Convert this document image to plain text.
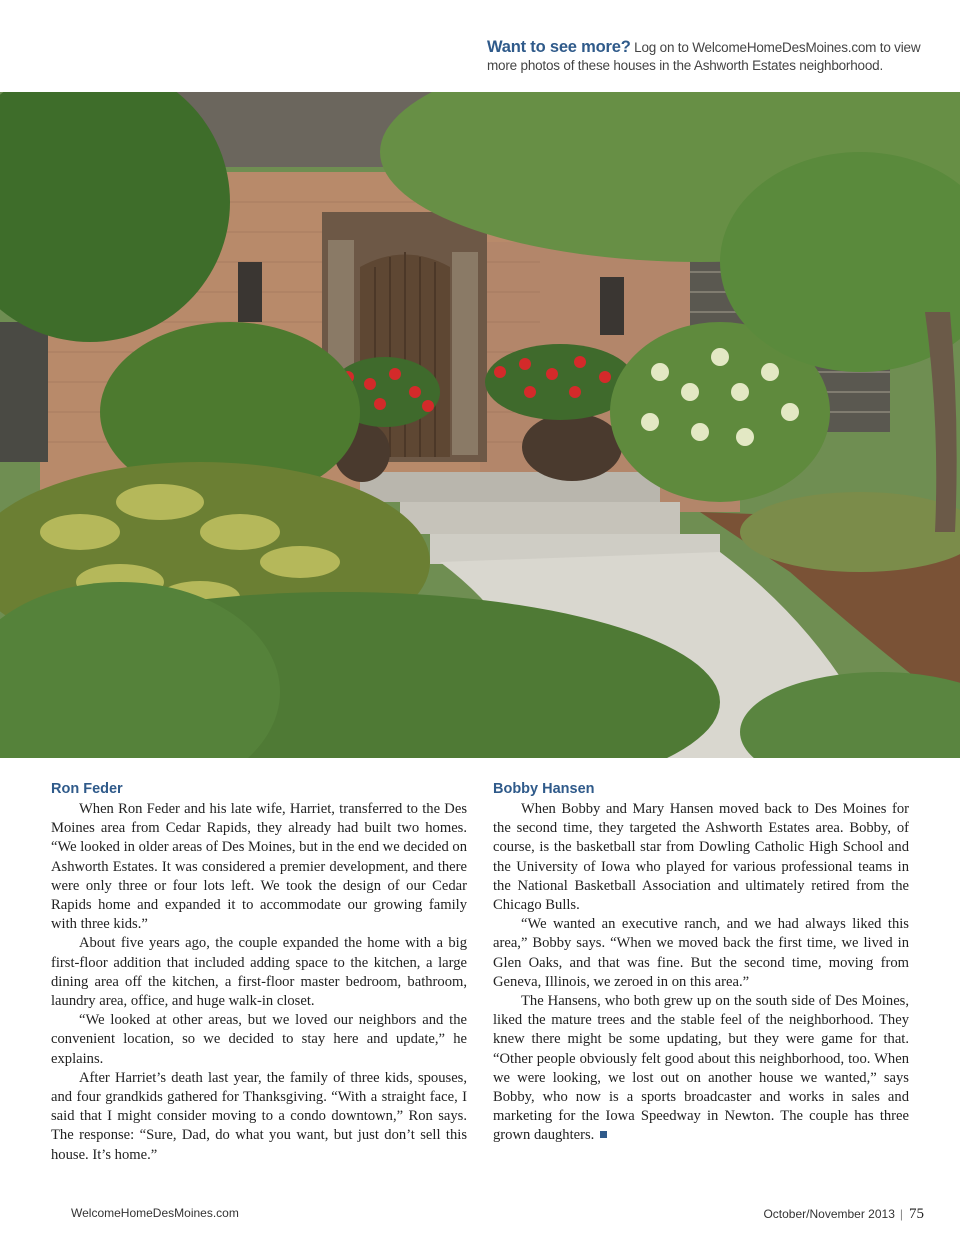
Want to see more? Log on to WelcomeHomeDesMoines.com to view more photos of these houses in the Ashworth Estates neighborhood.
Ron Feder

When Ron Feder and his late wife, Harriet, transferred to the Des Moines area from Cedar Rapids, they already had built two homes. “We looked in older areas of Des Moines, but in the end we decided on Ashworth Estates. It was considered a premier development, and there were only three or four lots left. We took the design of our Cedar Rapids home and expanded it to accommodate our growing family with three kids.”

About five years ago, the couple expanded the home with a big first-floor addition that included adding space to the kitchen, a large dining area off the kitchen, a first-floor master bedroom, bathroom, laundry area, office, and huge walk-in closet.

“We looked at other areas, but we loved our neighbors and the convenient location, so we decided to stay here and update,” he explains.

After Harriet’s death last year, the family of three kids, spouses, and four grandkids gathered for Thanksgiving. “With a straight face, I said that I might consider moving to a condo downtown,” Ron says. The response: “Sure, Dad, do what you want, but just don’t sell this house. It’s home.”

Bobby Hansen

When Bobby and Mary Hansen moved back to Des Moines for the second time, they targeted the Ashworth Estates area. Bobby, of course, is the basketball star from Dowling Catholic High School and the University of Iowa who played for various professional teams in the National Basketball Association and ultimately retired from the Chicago Bulls.

“We wanted an executive ranch, and we had always liked this area,” Bobby says. “When we moved back the first time, we lived in Glen Oaks, and that was fine. But the second time, moving from Geneva, Illinois, we zeroed in on this area.”

The Hansens, who both grew up on the south side of Des Moines, liked the mature trees and the stable feel of the neighborhood. They knew there might be some updating, but they were game for that. “Other people obviously felt good about this neighborhood, too. When we were looking, we lost out on another house we wanted,” says Bobby, who now is a sports broadcaster and works in sales and marketing for the Iowa Speedway in Newton. The couple has three grown daughters.

WelcomeHomeDesMoines.com	October/November 2013 | 75
